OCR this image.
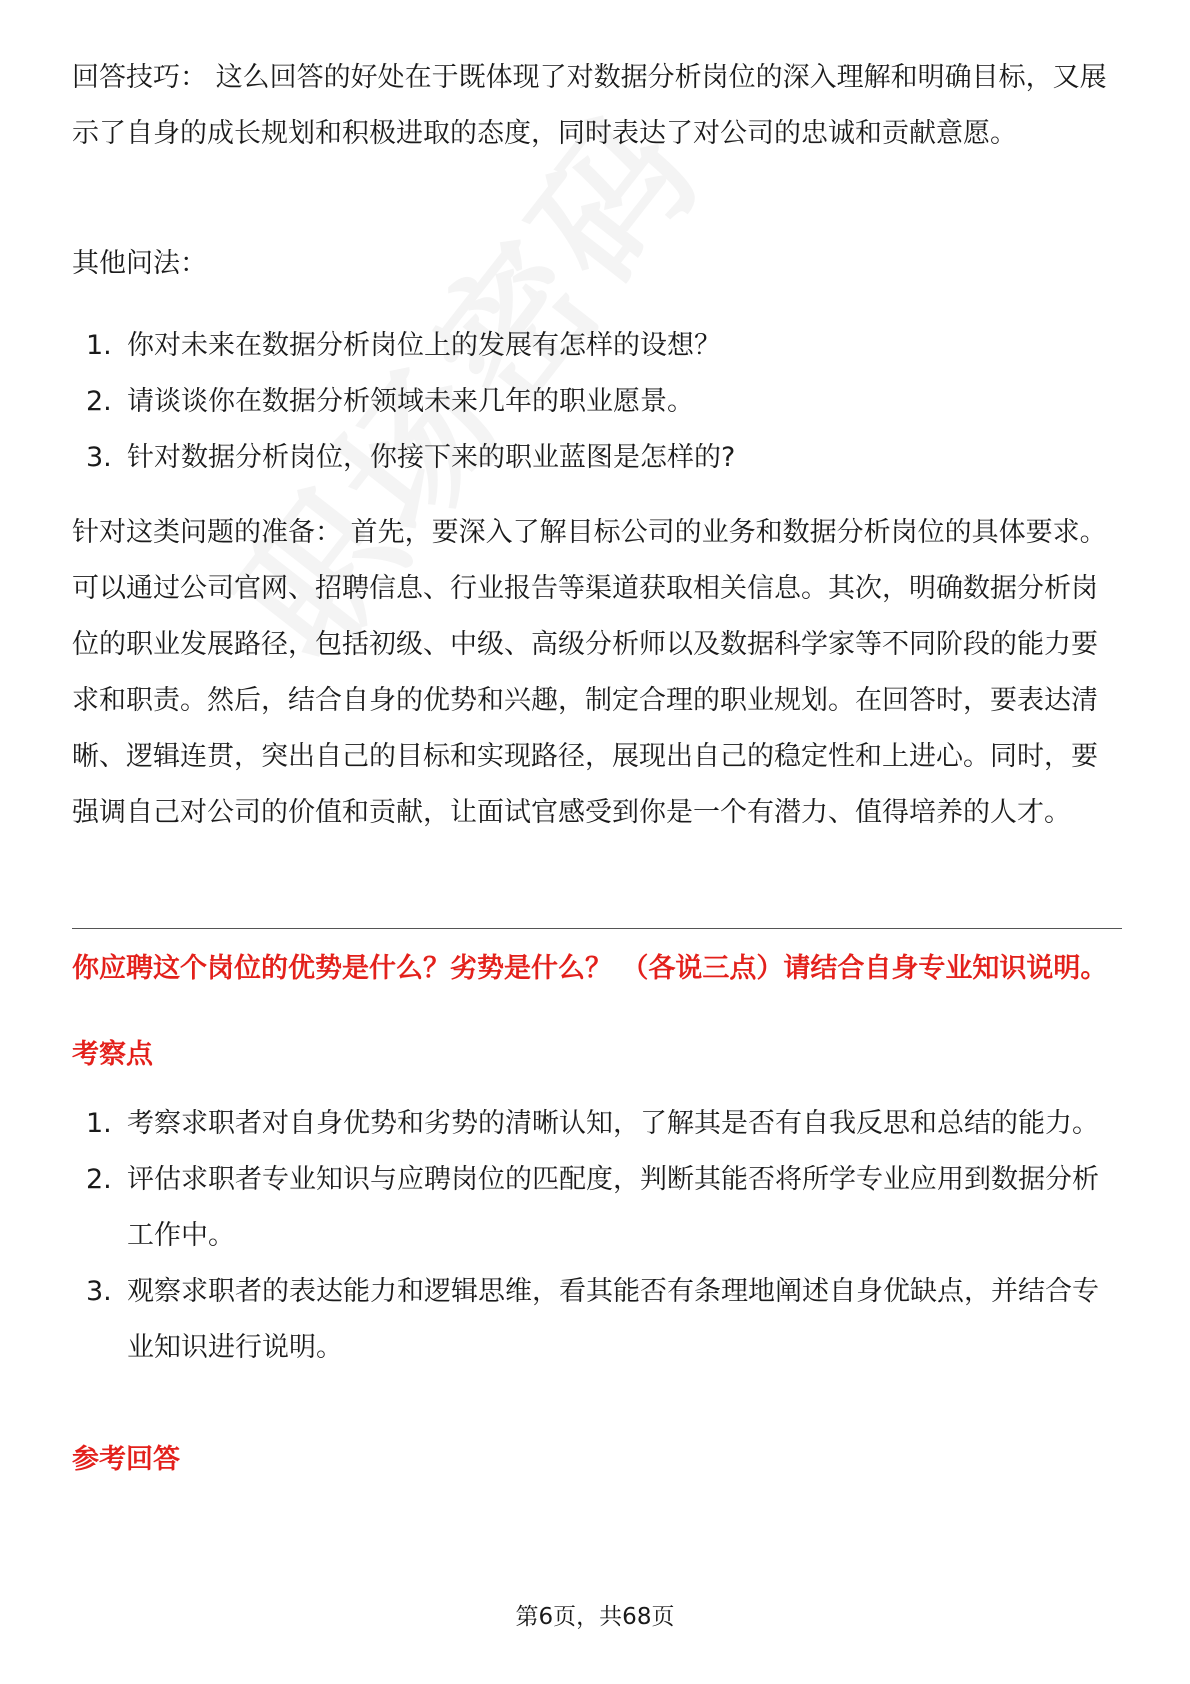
回答技巧： 这么回答的好处在于既体现了对数据分析岗位的深入理解和明确目标，又展示了自身的成长规划和积极进取的态度，同时表达了对公司的忠诚和贡献意愿。

其他问法：

1. 你对未来在数据分析岗位上的发展有怎样的设想？
2. 请谈谈你在数据分析领域未来几年的职业愿景。
3. 针对数据分析岗位，你接下来的职业蓝图是怎样的?

针对这类问题的准备： 首先，要深入了解目标公司的业务和数据分析岗位的具体要求。可以通过公司官网、招聘信息、行业报告等渠道获取相关信息。其次，明确数据分析岗位的职业发展路径，包括初级、中级、高级分析师以及数据科学家等不同阶段的能力要求和职责。然后，结合自身的优势和兴趣，制定合理的职业规划。在回答时，要表达清晰、逻辑连贯，突出自己的目标和实现路径，展现出自己的稳定性和上进心。同时，要强调自己对公司的价值和贡献，让面试官感受到你是一个有潜力、值得培养的人才。

你应聘这个岗位的优势是什么？劣势是什么？ （各说三点）请结合自身专业知识说明。

考察点

1. 考察求职者对自身优势和劣势的清晰认知，了解其是否有自我反思和总结的能力。
2. 评估求职者专业知识与应聘岗位的匹配度，判断其能否将所学专业应用到数据分析工作中。
3. 观察求职者的表达能力和逻辑思维，看其能否有条理地阐述自身优缺点，并结合专业知识进行说明。

参考回答

第6页，共68页
